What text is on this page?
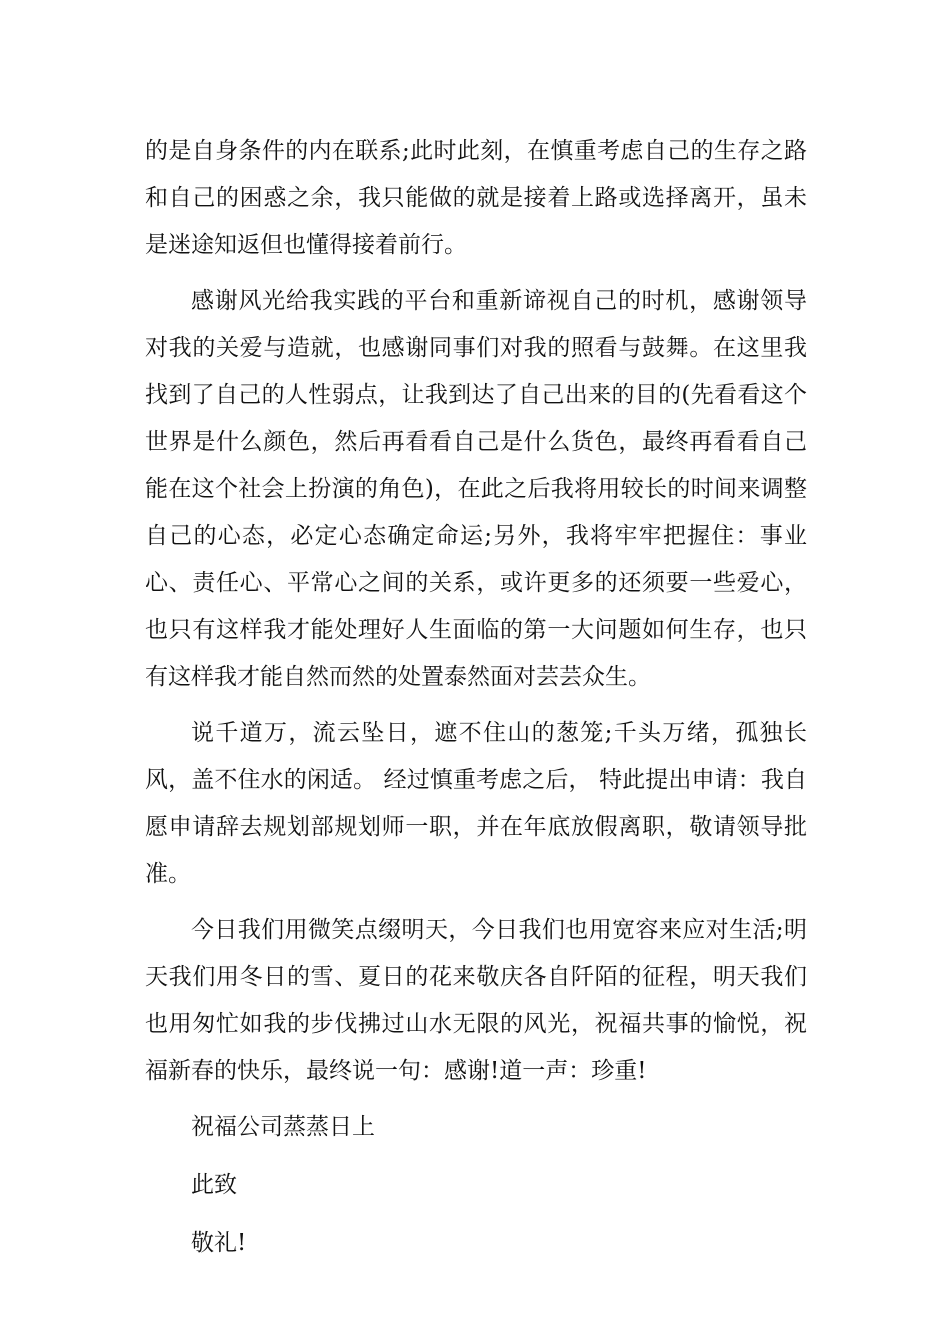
的是自身条件的内在联系;此时此刻，在慎重考虑自己的生存之路和自己的困惑之余，我只能做的就是接着上路或选择离开，虽未是迷途知返但也懂得接着前行。

感谢风光给我实践的平台和重新谛视自己的时机，感谢领导对我的关爱与造就，也感谢同事们对我的照看与鼓舞。在这里我找到了自己的人性弱点，让我到达了自己出来的目的(先看看这个世界是什么颜色，然后再看看自己是什么货色，最终再看看自己能在这个社会上扮演的角色)，在此之后我将用较长的时间来调整自己的心态，必定心态确定命运;另外，我将牢牢把握住：事业心、责任心、平常心之间的关系，或许更多的还须要一些爱心，也只有这样我才能处理好人生面临的第一大问题如何生存，也只有这样我才能自然而然的处置泰然面对芸芸众生。

说千道万，流云坠日，遮不住山的葱笼;千头万绪，孤独长风，盖不住水的闲适。 经过慎重考虑之后， 特此提出申请：我自愿申请辞去规划部规划师一职，并在年底放假离职，敬请领导批准。

今日我们用微笑点缀明天，今日我们也用宽容来应对生活;明天我们用冬日的雪、夏日的花来敬庆各自阡陌的征程，明天我们也用匆忙如我的步伐拂过山水无限的风光，祝福共事的愉悦，祝福新春的快乐，最终说一句：感谢!道一声：珍重!

祝福公司蒸蒸日上

此致

敬礼!
